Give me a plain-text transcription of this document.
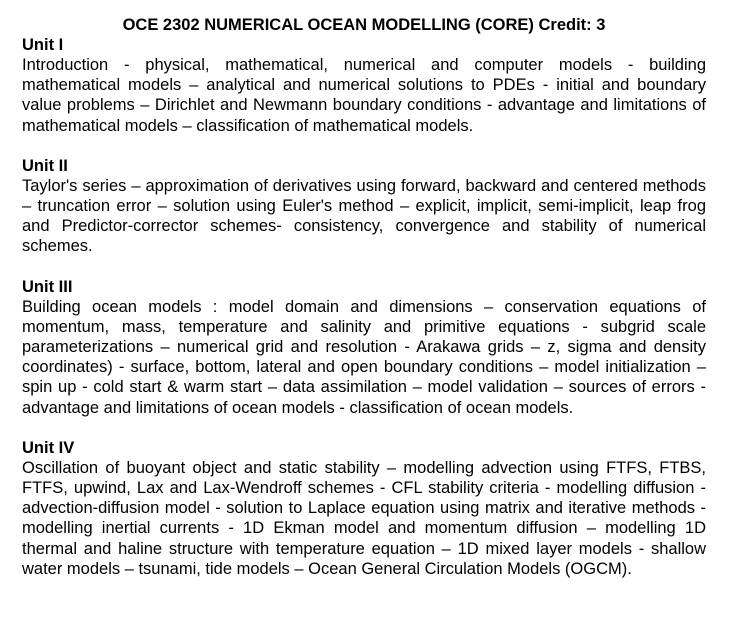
OCE 2302 NUMERICAL OCEAN MODELLING (CORE) Credit: 3

Unit I

Introduction - physical, mathematical, numerical and computer models - building mathematical models – analytical and numerical solutions to PDEs - initial and boundary value problems – Dirichlet and Newmann boundary conditions - advantage and limitations of mathematical models – classification of mathematical models.

Unit II

Taylor's series – approximation of derivatives using forward, backward and centered methods – truncation error – solution using Euler's method – explicit, implicit, semi-implicit, leap frog and Predictor-corrector schemes- consistency, convergence and stability of numerical schemes.

Unit III

Building ocean models : model domain and dimensions – conservation equations of momentum, mass, temperature and salinity and primitive equations - subgrid scale parameterizations – numerical grid and resolution - Arakawa grids – z, sigma and density coordinates) - surface, bottom, lateral and open boundary conditions – model initialization – spin up - cold start & warm start – data assimilation – model validation – sources of errors - advantage and limitations of ocean models - classification of ocean models.

Unit IV

Oscillation of buoyant object and static stability – modelling advection using FTFS, FTBS, FTFS, upwind, Lax and Lax-Wendroff schemes - CFL stability criteria - modelling diffusion - advection-diffusion model - solution to Laplace equation using matrix and iterative methods - modelling inertial currents - 1D Ekman model and momentum diffusion – modelling 1D thermal and haline structure with temperature equation – 1D mixed layer models - shallow water models – tsunami, tide models – Ocean General Circulation Models (OGCM).
